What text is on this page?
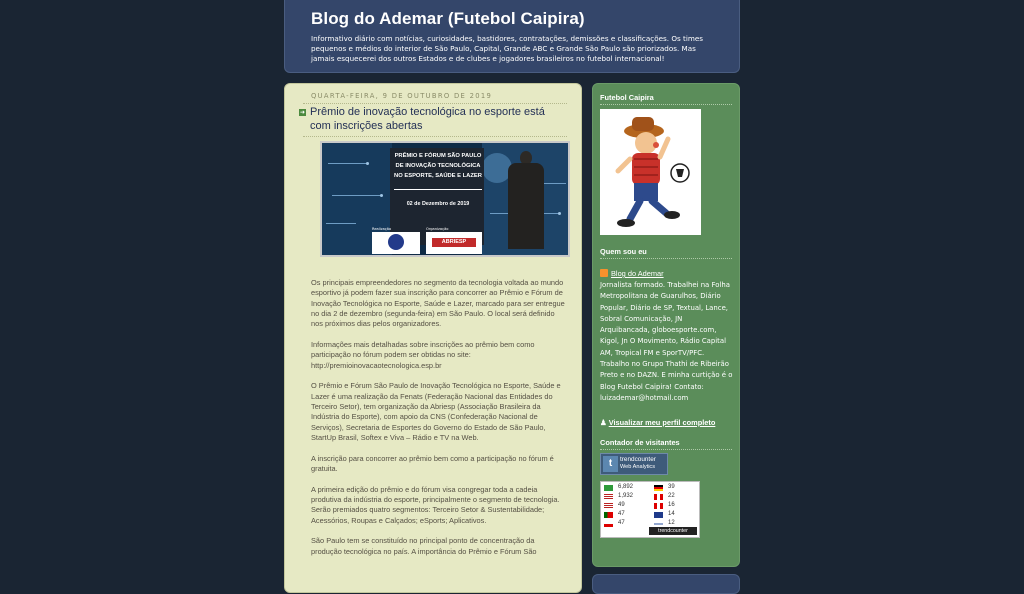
Blog do Ademar (Futebol Caipira)

Informativo diário com notícias, curiosidades, bastidores, contratações, demissões e classificações. Os times pequenos e médios do interior de São Paulo, Capital, Grande ABC e Grande São Paulo são priorizados. Mas jamais esquecerei dos outros Estados e de clubes e jogadores brasileiros no futebol internacional!

QUARTA-FEIRA, 9 DE OUTUBRO DE 2019
➜ Prêmio de inovação tecnológica no esporte está com inscrições abertas
PRÊMIO E FÓRUM SÃO PAULO DE INOVAÇÃO TECNOLÓGICA NO ESPORTE, SAÚDE E LAZER
02 de Dezembro de 2019
Realização	Organização
ABRIESP

Os principais empreendedores no segmento da tecnologia voltada ao mundo esportivo já podem fazer sua inscrição para concorrer ao Prêmio e Fórum de Inovação Tecnológica no Esporte, Saúde e Lazer, marcado para ser entregue no dia 2 de dezembro (segunda-feira) em São Paulo. O local será definido nos próximos dias pelos organizadores.

Informações mais detalhadas sobre inscrições ao prêmio bem como participação no fórum podem ser obtidas no site: http://premioinovacaotecnologica.esp.br

O Prêmio e Fórum São Paulo de Inovação Tecnológica no Esporte, Saúde e Lazer é uma realização da Fenats (Federação Nacional das Entidades do Terceiro Setor), tem organização da Abriesp (Associação Brasileira da Indústria do Esporte), com apoio da CNS (Confederação Nacional de Serviços), Secretaria de Esportes do Governo do Estado de São Paulo, StartUp Brasil, Softex e Viva – Rádio e TV na Web.

A inscrição para concorrer ao prêmio bem como a participação no fórum é gratuita.

A primeira edição do prêmio e do fórum visa congregar toda a cadeia produtiva da indústria do esporte, principalmente o segmento de tecnologia. Serão premiados quatro segmentos: Terceiro Setor & Sustentabilidade; Acessórios, Roupas e Calçados; eSports; Aplicativos.

São Paulo tem se constituído no principal ponto de concentração da produção tecnológica no país. A importância do Prêmio e Fórum São

Futebol Caipira
Quem sou eu
Blog do Ademar
Jornalista formado. Trabalhei na Folha Metropolitana de Guarulhos, Diário Popular, Diário de SP, Textual, Lance, Sobral Comunicação, JN Arquibancada, globoesporte.com, Kigol, Jn O Movimento, Rádio Capital AM, Tropical FM e SporTV/PFC. Trabalho no Grupo Thathi de Ribeirão Preto e no DAZN. E minha curtição é o Blog Futebol Caipira! Contato: luizademar@hotmail.com
♟ Visualizar meu perfil completo
Contador de visitantes
t	trendcounter
Web Analytics
6,892	39
1,932	22
49	16
47	14
47	12
trendcounter
